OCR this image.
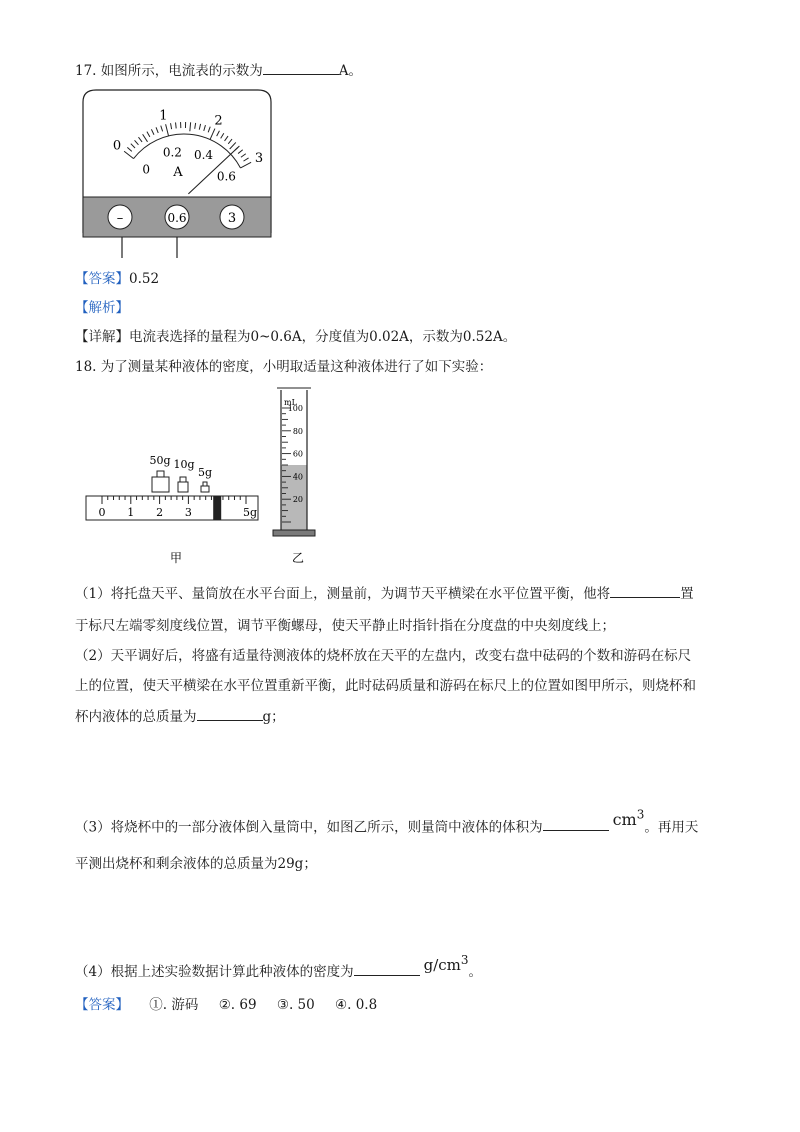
17. 如图所示，电流表的示数为	A。
0
1	2
3
0
0.2 0.4
0.6
A
–	0.6	3
【答案】0.52
【解析】
【详解】电流表选择的量程为0~0.6A，分度值为0.02A，示数为0.52A。
18. 为了测量某种液体的密度，小明取适量这种液体进行了如下实验：
50g 10g
5g
0 1 2 3	5g
甲
100
80
60
40
20
mL
乙
（1）将托盘天平、量筒放在水平台面上，测量前，为调节天平横梁在水平位置平衡，他将	置
于标尺左端零刻度线位置，调节平衡螺母，使天平静止时指针指在分度盘的中央刻度线上；
（2）天平调好后，将盛有适量待测液体的烧杯放在天平的左盘内，改变右盘中砝码的个数和游码在标尺
上的位置，使天平横梁在水平位置重新平衡，此时砝码质量和游码在标尺上的位置如图甲所示，则烧杯和
杯内液体的总质量为	g；
（3）将烧杯中的一部分液体倒入量筒中，如图乙所示，则量筒中液体的体积为	$cm^3$。再用天
平测出烧杯和剩余液体的总质量为29g；
（4）根据上述实验数据计算此种液体的密度为	$g/cm^3$。
【答案】 ①. 游码 ②. 69 ③. 50 ④. 0.8
